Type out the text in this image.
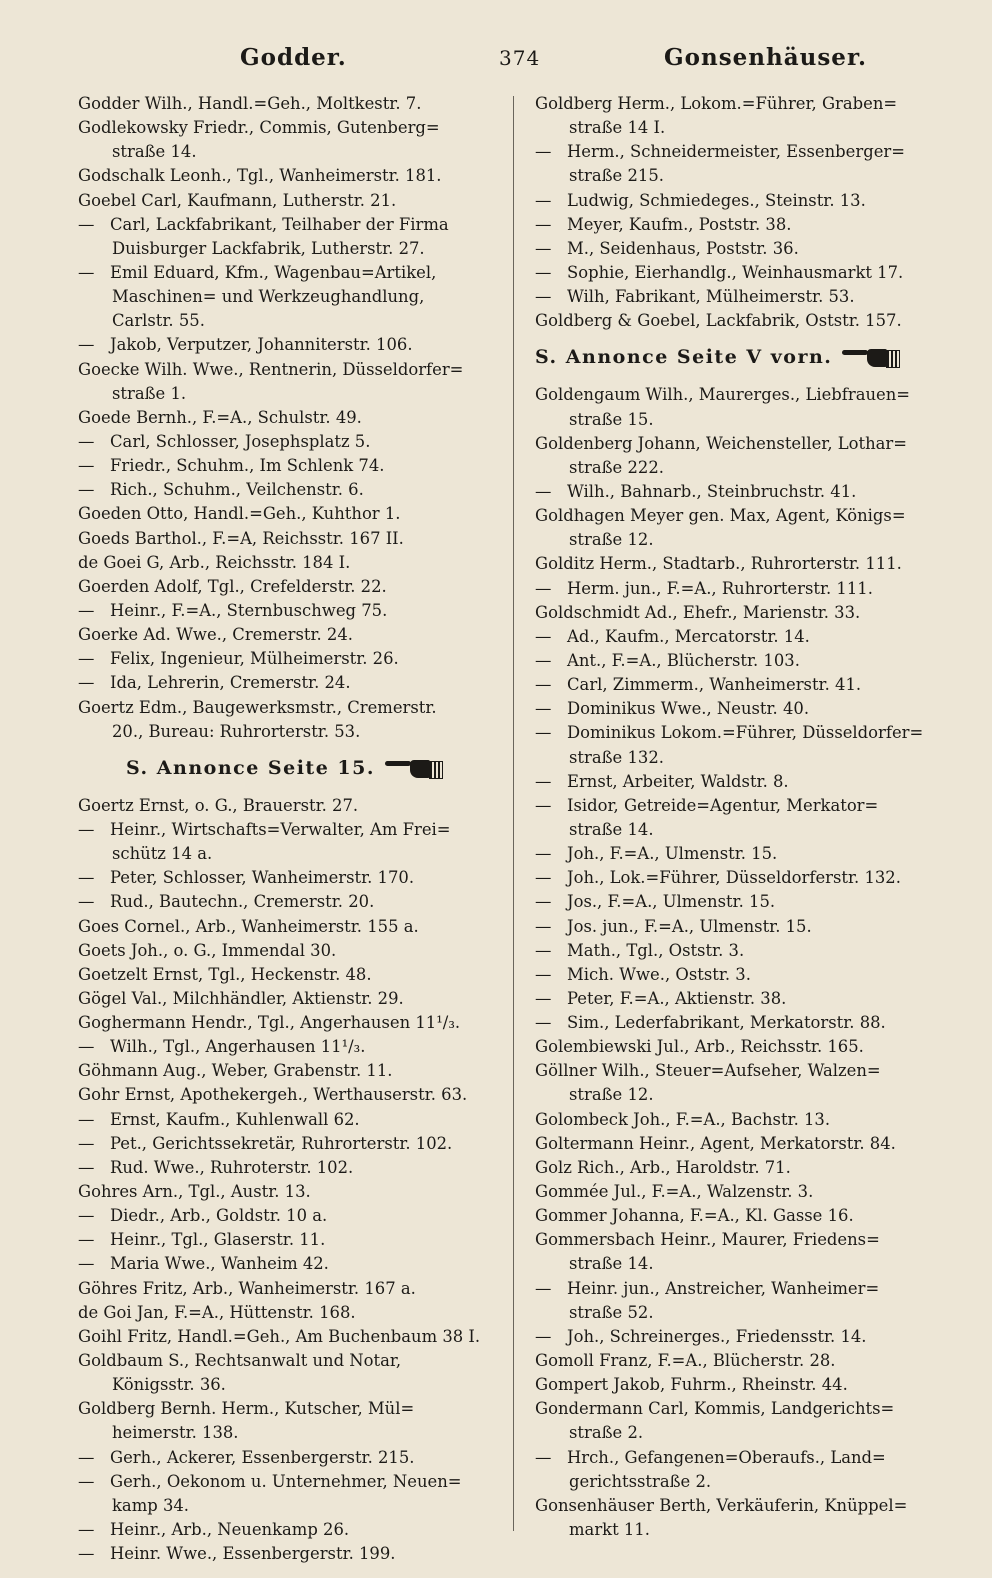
Godder.	374	Gonsenhäuser.
Godder Wilh., Handl.=Geh., Moltkestr. 7.
Godlekowsky Friedr., Commis, Gutenberg=
straße 14.
Godschalk Leonh., Tgl., Wanheimerstr. 181.
Goebel Carl, Kaufmann, Lutherstr. 21.
— Carl, Lackfabrikant, Teilhaber der Firma
Duisburger Lackfabrik, Lutherstr. 27.
— Emil Eduard, Kfm., Wagenbau=Artikel,
Maschinen= und Werkzeughandlung,
Carlstr. 55.
— Jakob, Verputzer, Johanniterstr. 106.
Goecke Wilh. Wwe., Rentnerin, Düsseldorfer=
straße 1.
Goede Bernh., F.=A., Schulstr. 49.
— Carl, Schlosser, Josephsplatz 5.
— Friedr., Schuhm., Im Schlenk 74.
— Rich., Schuhm., Veilchenstr. 6.
Goeden Otto, Handl.=Geh., Kuhthor 1.
Goeds Barthol., F.=A, Reichsstr. 167 II.
de Goei G, Arb., Reichsstr. 184 I.
Goerden Adolf, Tgl., Crefelderstr. 22.
— Heinr., F.=A., Sternbuschweg 75.
Goerke Ad. Wwe., Cremerstr. 24.
— Felix, Ingenieur, Mülheimerstr. 26.
— Ida, Lehrerin, Cremerstr. 24.
Goertz Edm., Baugewerksmstr., Cremerstr.
20., Bureau: Ruhrorterstr. 53.
S. Annonce Seite 15.
Goertz Ernst, o. G., Brauerstr. 27.
— Heinr., Wirtschafts=Verwalter, Am Frei=
schütz 14 a.
— Peter, Schlosser, Wanheimerstr. 170.
— Rud., Bautechn., Cremerstr. 20.
Goes Cornel., Arb., Wanheimerstr. 155 a.
Goets Joh., o. G., Immendal 30.
Goetzelt Ernst, Tgl., Heckenstr. 48.
Gögel Val., Milchhändler, Aktienstr. 29.
Goghermann Hendr., Tgl., Angerhausen 11¹/₃.
— Wilh., Tgl., Angerhausen 11¹/₃.
Göhmann Aug., Weber, Grabenstr. 11.
Gohr Ernst, Apothekergeh., Werthauserstr. 63.
— Ernst, Kaufm., Kuhlenwall 62.
— Pet., Gerichtssekretär, Ruhrorterstr. 102.
— Rud. Wwe., Ruhroterstr. 102.
Gohres Arn., Tgl., Austr. 13.
— Diedr., Arb., Goldstr. 10 a.
— Heinr., Tgl., Glaserstr. 11.
— Maria Wwe., Wanheim 42.
Göhres Fritz, Arb., Wanheimerstr. 167 a.
de Goi Jan, F.=A., Hüttenstr. 168.
Goihl Fritz, Handl.=Geh., Am Buchenbaum 38 I.
Goldbaum S., Rechtsanwalt und Notar,
Königsstr. 36.
Goldberg Bernh. Herm., Kutscher, Mül=
heimerstr. 138.
— Gerh., Ackerer, Essenbergerstr. 215.
— Gerh., Oekonom u. Unternehmer, Neuen=
kamp 34.
— Heinr., Arb., Neuenkamp 26.
— Heinr. Wwe., Essenbergerstr. 199.
Goldberg Herm., Lokom.=Führer, Graben=
straße 14 I.
— Herm., Schneidermeister, Essenberger=
straße 215.
— Ludwig, Schmiedeges., Steinstr. 13.
— Meyer, Kaufm., Poststr. 38.
— M., Seidenhaus, Poststr. 36.
— Sophie, Eierhandlg., Weinhausmarkt 17.
— Wilh, Fabrikant, Mülheimerstr. 53.
Goldberg & Goebel, Lackfabrik, Oststr. 157.
S. Annonce Seite V vorn.
Goldengaum Wilh., Maurerges., Liebfrauen=
straße 15.
Goldenberg Johann, Weichensteller, Lothar=
straße 222.
— Wilh., Bahnarb., Steinbruchstr. 41.
Goldhagen Meyer gen. Max, Agent, Königs=
straße 12.
Golditz Herm., Stadtarb., Ruhrorterstr. 111.
— Herm. jun., F.=A., Ruhrorterstr. 111.
Goldschmidt Ad., Ehefr., Marienstr. 33.
— Ad., Kaufm., Mercatorstr. 14.
— Ant., F.=A., Blücherstr. 103.
— Carl, Zimmerm., Wanheimerstr. 41.
— Dominikus Wwe., Neustr. 40.
— Dominikus Lokom.=Führer, Düsseldorfer=
straße 132.
— Ernst, Arbeiter, Waldstr. 8.
— Isidor, Getreide=Agentur, Merkator=
straße 14.
— Joh., F.=A., Ulmenstr. 15.
— Joh., Lok.=Führer, Düsseldorferstr. 132.
— Jos., F.=A., Ulmenstr. 15.
— Jos. jun., F.=A., Ulmenstr. 15.
— Math., Tgl., Oststr. 3.
— Mich. Wwe., Oststr. 3.
— Peter, F.=A., Aktienstr. 38.
— Sim., Lederfabrikant, Merkatorstr. 88.
Golembiewski Jul., Arb., Reichsstr. 165.
Göllner Wilh., Steuer=Aufseher, Walzen=
straße 12.
Golombeck Joh., F.=A., Bachstr. 13.
Goltermann Heinr., Agent, Merkatorstr. 84.
Golz Rich., Arb., Haroldstr. 71.
Gommée Jul., F.=A., Walzenstr. 3.
Gommer Johanna, F.=A., Kl. Gasse 16.
Gommersbach Heinr., Maurer, Friedens=
straße 14.
— Heinr. jun., Anstreicher, Wanheimer=
straße 52.
— Joh., Schreinerges., Friedensstr. 14.
Gomoll Franz, F.=A., Blücherstr. 28.
Gompert Jakob, Fuhrm., Rheinstr. 44.
Gondermann Carl, Kommis, Landgerichts=
straße 2.
— Hrch., Gefangenen=Oberaufs., Land=
gerichtsstraße 2.
Gonsenhäuser Berth, Verkäuferin, Knüppel=
markt 11.
